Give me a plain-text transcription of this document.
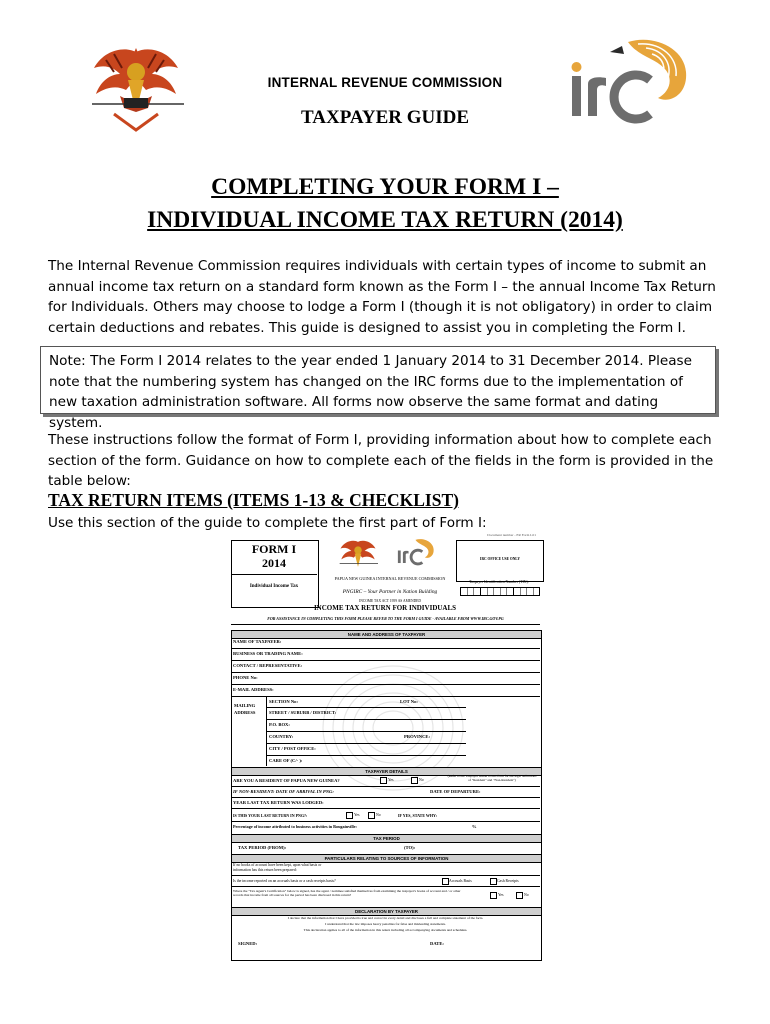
INTERNAL REVENUE COMMISSION
TAXPAYER GUIDE
COMPLETING YOUR FORM I –
INDIVIDUAL INCOME TAX RETURN (2014)
The Internal Revenue Commission requires individuals with certain types of income to submit an annual income tax return on a standard form known as the Form I – the annual Income Tax Return for Individuals. Others may choose to lodge a Form I (though it is not obligatory) in order to claim certain deductions and rebates. This guide is designed to assist you in completing the Form I.
Note: The Form I 2014 relates to the year ended 1 January 2014 to 31 December 2014. Please note that the numbering system has changed on the IRC forms due to the implementation of new taxation administration software. All forms now observe the same format and dating system.
These instructions follow the format of Form I, providing information about how to complete each section of the form. Guidance on how to complete each of the fields in the form is provided in the table below:
TAX RETURN ITEMS (ITEMS 1-13 & CHECKLIST)
Use this section of the guide to complete the first part of Form I:
Document number - ER Form I-01
FORM I
2014
Individual Income Tax
IRC OFFICE USE ONLY
PAPUA NEW GUINEA INTERNAL REVENUE COMMISSION
Taxpayer Identification Number (TIN):
PNGIRC – Your Partner in Nation Building
INCOME TAX ACT 1959 AS AMENDED
INCOME TAX RETURN FOR INDIVIDUALS
FOR ASSISTANCE IN COMPLETING THIS FORM PLEASE REFER TO THE FORM I GUIDE - AVAILABLE FROM WWW.IRC.GOV.PG
NAME AND ADDRESS OF TAXPAYER
NAME OF TAXPAYER:
BUSINESS OR TRADING NAME:
CONTACT / REPRESENTATIVE:
PHONE No:
E-MAIL ADDRESS:
MAILING
ADDRESS
SECTION No:	LOT No:
STREET / SUBURB / DISTRICT:
P.O. BOX:
COUNTRY:	PROVINCE:
CITY / POST OFFICE:
CARE OF (C/- ):
TAXPAYER DETAILS
ARE YOU A RESIDENT OF PAPUA NEW GUINEA?	Yes	No
(Refer to the Taxpayer Guide to this form for the legal definitions of "Resident" and "Non-Resident")
IF NON-RESIDENT: DATE OF ARRIVAL IN PNG:	DATE OF DEPARTURE:
YEAR LAST TAX RETURN WAS LODGED:
IS THIS YOUR LAST RETURN IN PNG?:	Yes	No	IF YES, STATE WHY:
Percentage of income attributed to business activities in Bougainville:	%
TAX PERIOD
TAX PERIOD (FROM):	(TO):
PARTICULARS RELATING TO SOURCES OF INFORMATION
If no books of account have been kept, upon what basis or information has this return been prepared:
Is the income reported on an accruals basis or a cash receipts basis?	Accruals Basis	Cash Receipts
Where the "Tax Agent's Certification" below is signed, has the agent / nominee satisfied themselves from examining the taxpayer's books of account and / or other records that income from all sources for the period has been disclosed in this return?	Yes	No
DECLARATION BY TAXPAYER
I declare that the information that I have provided is true and correct in every detail and discloses a full and complete statement of the facts.
I understand that the law imposes heavy penalties for false and misleading statements.
This declaration applies to all of the information in this return including all accompanying documents and schedules.
SIGNED:	DATE:
